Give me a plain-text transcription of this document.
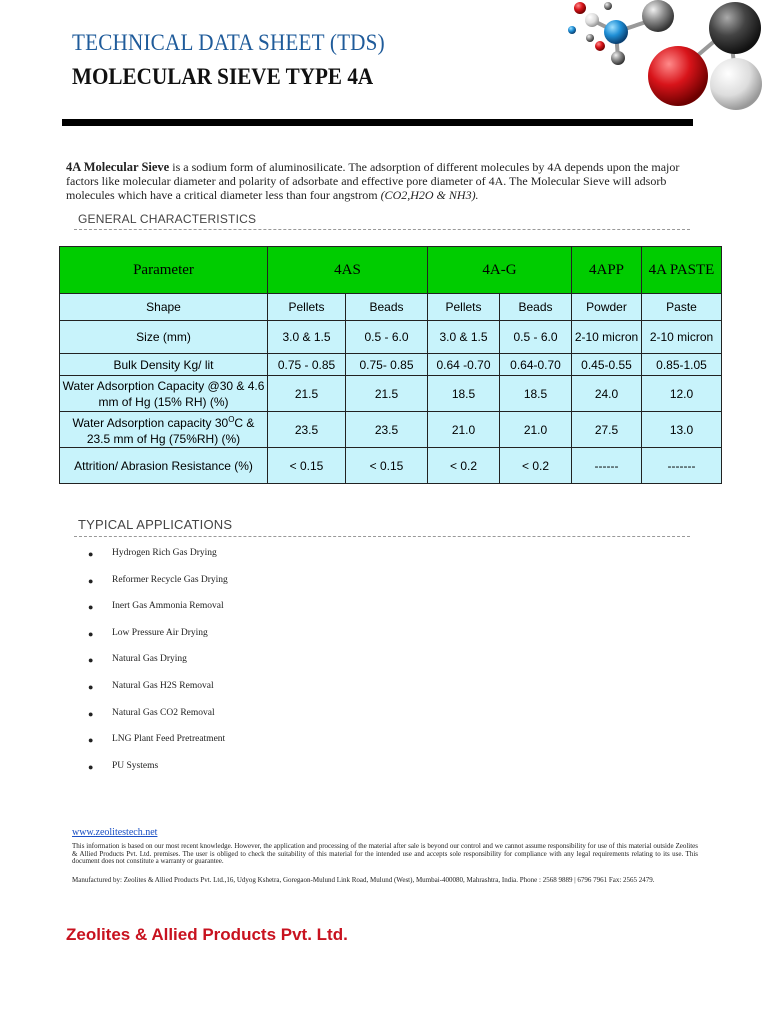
TECHNICAL DATA SHEET (TDS)
MOLECULAR SIEVE TYPE 4A
4A Molecular Sieve is a sodium form of aluminosilicate. The adsorption of different molecules by 4A depends upon the major factors like molecular diameter and polarity of adsorbate and effective pore diameter of 4A. The Molecular Sieve will adsorb molecules which have a critical diameter less than four angstrom (CO2,H2O & NH3).
GENERAL CHARACTERISTICS
Parameter	4AS		4A-G		4APP	4A PASTE
Shape	Pellets	Beads	Pellets	Beads	Powder	Paste
Size (mm)	3.0 & 1.5	0.5 - 6.0	3.0 & 1.5	0.5 - 6.0	2-10 micron	2-10 micron
Bulk Density Kg/ lit	0.75 - 0.85	0.75- 0.85	0.64 -0.70	0.64-0.70	0.45-0.55	0.85-1.05
Water Adsorption Capacity @30 & 4.6 mm of Hg (15% RH) (%)	21.5	21.5	18.5	18.5	24.0	12.0
Water Adsorption capacity $30^OC$ & 23.5 mm of Hg (75%RH) (%)	23.5	23.5	21.0	21.0	27.5	13.0
Attrition/ Abrasion Resistance (%)	< 0.15	< 0.15	< 0.2	< 0.2	------	-------
TYPICAL APPLICATIONS
● Hydrogen Rich Gas Drying
● Reformer Recycle Gas Drying
● Inert Gas Ammonia Removal
● Low Pressure Air Drying
● Natural Gas Drying
● Natural Gas H2S Removal
● Natural Gas CO2 Removal
● LNG Plant Feed Pretreatment
● PU Systems
www.zeolitestech.net
This information is based on our most recent knowledge. However, the application and processing of the material after sale is beyond our control and we cannot assume responsibility for use of this material outside Zeolites & Allied Products Pvt. Ltd. premises. The user is obliged to check the suitability of this material for the intended use and accepts sole responsibility for compliance with any legal requirements relating to its use. This document does not constitute a warranty or guarantee.
Manufactured by: Zeolites & Allied Products Pvt. Ltd.,16, Udyog Kshetra, Goregaon-Mulund Link Road, Mulund (West), Mumbai-400080, Mahrashtra, India. Phone : 2568 9889 | 6796 7961 Fax: 2565 2479.
Zeolites & Allied Products Pvt. Ltd.
